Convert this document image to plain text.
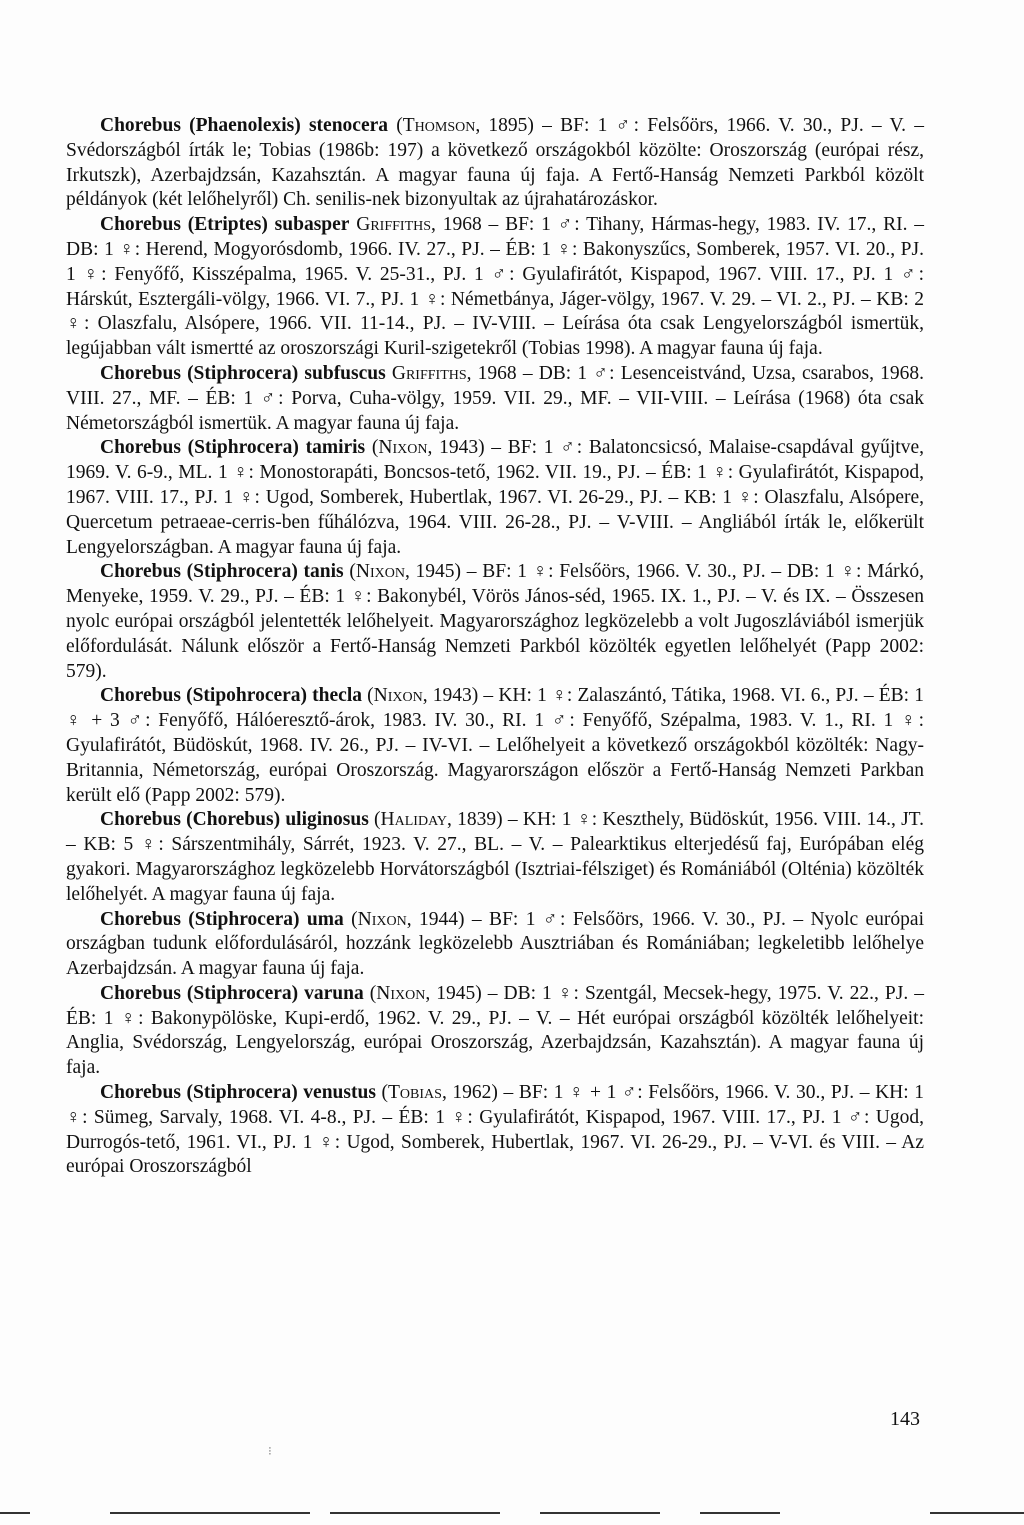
Chorebus (Phaenolexis) stenocera (Thomson, 1895) – BF: 1 ♂: Felsőörs, 1966. V. 30., PJ. – V. – Svédországból írták le; Tobias (1986b: 197) a következő országokból közölte: Oroszország (európai rész, Irkutszk), Azerbajdzsán, Kazahsztán. A magyar fauna új faja. A Fertő-Hanság Nemzeti Parkból közölt példányok (két lelőhelyről) Ch. senilis-nek bizonyultak az újrahatározáskor.

Chorebus (Etriptes) subasper Griffiths, 1968 – BF: 1 ♂: Tihany, Hármas-hegy, 1983. IV. 17., RI. – DB: 1 ♀: Herend, Mogyorósdomb, 1966. IV. 27., PJ. – ÉB: 1 ♀: Bakonyszűcs, Somberek, 1957. VI. 20., PJ. 1 ♀: Fenyőfő, Kisszépalma, 1965. V. 25-31., PJ. 1 ♂: Gyulafirátót, Kispapod, 1967. VIII. 17., PJ. 1 ♂: Hárskút, Esztergáli-völgy, 1966. VI. 7., PJ. 1 ♀: Németbánya, Jáger-völgy, 1967. V. 29. – VI. 2., PJ. – KB: 2 ♀: Olaszfalu, Alsópere, 1966. VII. 11-14., PJ. – IV-VIII. – Leírása óta csak Lengyelországból ismertük, legújabban vált ismertté az oroszországi Kuril-szigetekről (Tobias 1998). A magyar fauna új faja.

Chorebus (Stiphrocera) subfuscus Griffiths, 1968 – DB: 1 ♂: Lesenceistvánd, Uzsa, csarabos, 1968. VIII. 27., MF. – ÉB: 1 ♂: Porva, Cuha-völgy, 1959. VII. 29., MF. – VII-VIII. – Leírása (1968) óta csak Németországból ismertük. A magyar fauna új faja.

Chorebus (Stiphrocera) tamiris (Nixon, 1943) – BF: 1 ♂: Balatoncsicsó, Malaise-csapdával gyűjtve, 1969. V. 6-9., ML. 1 ♀: Monostorapáti, Boncsos-tető, 1962. VII. 19., PJ. – ÉB: 1 ♀: Gyulafirátót, Kispapod, 1967. VIII. 17., PJ. 1 ♀: Ugod, Somberek, Hubertlak, 1967. VI. 26-29., PJ. – KB: 1 ♀: Olaszfalu, Alsópere, Quercetum petraeae-cerris-ben fűhálózva, 1964. VIII. 26-28., PJ. – V-VIII. – Angliából írták le, előkerült Lengyelországban. A magyar fauna új faja.

Chorebus (Stiphrocera) tanis (Nixon, 1945) – BF: 1 ♀: Felsőörs, 1966. V. 30., PJ. – DB: 1 ♀: Márkó, Menyeke, 1959. V. 29., PJ. – ÉB: 1 ♀: Bakonybél, Vörös János-séd, 1965. IX. 1., PJ. – V. és IX. – Összesen nyolc európai országból jelentették lelőhelyeit. Magyarországhoz legközelebb a volt Jugoszláviából ismerjük előfordulását. Nálunk először a Fertő-Hanság Nemzeti Parkból közölték egyetlen lelőhelyét (Papp 2002: 579).

Chorebus (Stipohrocera) thecla (Nixon, 1943) – KH: 1 ♀: Zalaszántó, Tátika, 1968. VI. 6., PJ. – ÉB: 1 ♀ + 3 ♂: Fenyőfő, Hálóeresztő-árok, 1983. IV. 30., RI. 1 ♂: Fenyőfő, Szépalma, 1983. V. 1., RI. 1 ♀: Gyulafirátót, Büdöskút, 1968. IV. 26., PJ. – IV-VI. – Lelőhelyeit a következő országokból közölték: Nagy-Britannia, Németország, európai Oroszország. Magyarországon először a Fertő-Hanság Nemzeti Parkban került elő (Papp 2002: 579).

Chorebus (Chorebus) uliginosus (Haliday, 1839) – KH: 1 ♀: Keszthely, Büdöskút, 1956. VIII. 14., JT. – KB: 5 ♀: Sárszentmihály, Sárrét, 1923. V. 27., BL. – V. – Palearktikus elterjedésű faj, Európában elég gyakori. Magyarországhoz legközelebb Horvátországból (Isztriai-félsziget) és Romániából (Olténia) közölték lelőhelyét. A magyar fauna új faja.

Chorebus (Stiphrocera) uma (Nixon, 1944) – BF: 1 ♂: Felsőörs, 1966. V. 30., PJ. – Nyolc európai országban tudunk előfordulásáról, hozzánk legközelebb Ausztriában és Romániában; legkeletibb lelőhelye Azerbajdzsán. A magyar fauna új faja.

Chorebus (Stiphrocera) varuna (Nixon, 1945) – DB: 1 ♀: Szentgál, Mecsek-hegy, 1975. V. 22., PJ. – ÉB: 1 ♀: Bakonypölöske, Kupi-erdő, 1962. V. 29., PJ. – V. – Hét európai országból közölték lelőhelyeit: Anglia, Svédország, Lengyelország, európai Oroszország, Azerbajdzsán, Kazahsztán). A magyar fauna új faja.

Chorebus (Stiphrocera) venustus (Tobias, 1962) – BF: 1 ♀ + 1 ♂: Felsőörs, 1966. V. 30., PJ. – KH: 1 ♀: Sümeg, Sarvaly, 1968. VI. 4-8., PJ. – ÉB: 1 ♀: Gyulafirátót, Kispapod, 1967. VIII. 17., PJ. 1 ♂: Ugod, Durrogós-tető, 1961. VI., PJ. 1 ♀: Ugod, Somberek, Hubertlak, 1967. VI. 26-29., PJ. – V-VI. és VIII. – Az európai Oroszországból

143
⁝
